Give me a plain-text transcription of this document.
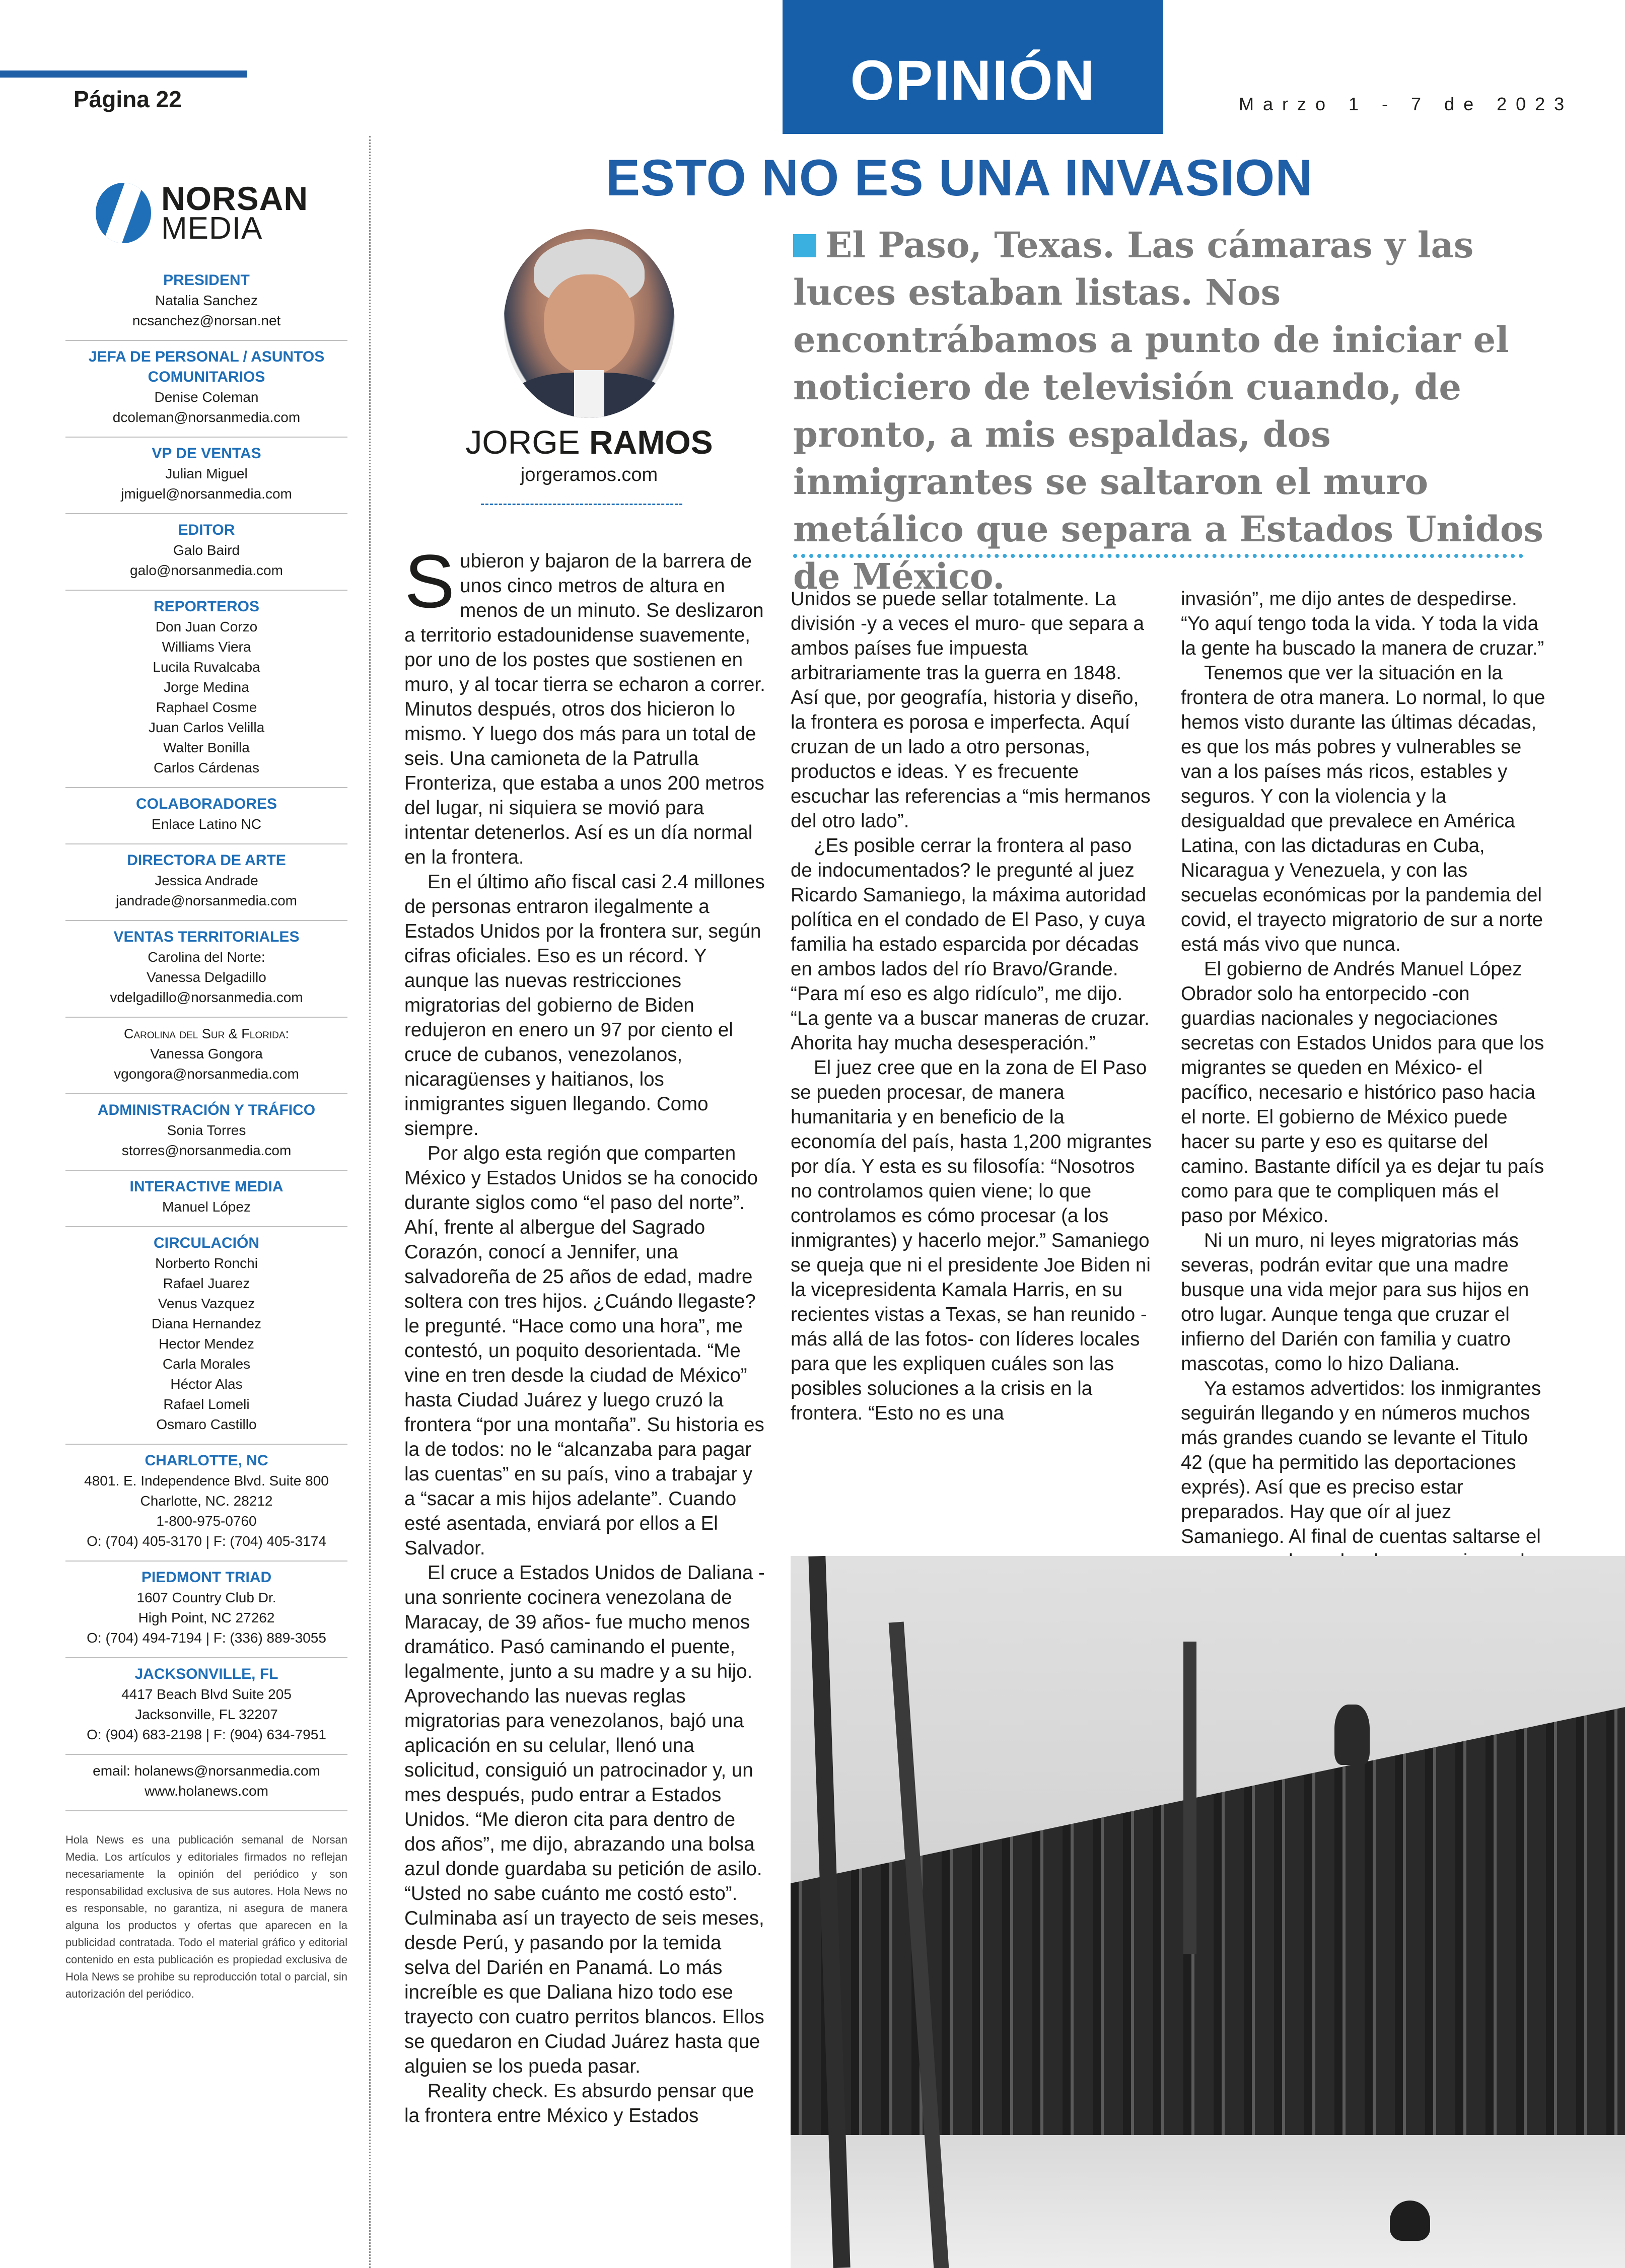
Página 22	OPINIÓN	Marzo 1 - 7 de 2023
NORSAN
MEDIA
PRESIDENT
Natalia Sanchez
ncsanchez@norsan.net
JEFA DE PERSONAL / ASUNTOS COMUNITARIOS
Denise Coleman
dcoleman@norsanmedia.com
VP DE VENTAS
Julian Miguel
jmiguel@norsanmedia.com
EDITOR
Galo Baird
galo@norsanmedia.com
REPORTEROS
Don Juan Corzo
Williams Viera
Lucila Ruvalcaba
Jorge Medina
Raphael Cosme
Juan Carlos Velilla
Walter Bonilla
Carlos Cárdenas
COLABORADORES
Enlace Latino NC
DIRECTORA DE ARTE
Jessica Andrade
jandrade@norsanmedia.com
VENTAS TERRITORIALES
Carolina del Norte:
Vanessa Delgadillo
vdelgadillo@norsanmedia.com
Carolina del Sur & Florida:
Vanessa Gongora
vgongora@norsanmedia.com
ADMINISTRACIÓN Y TRÁFICO
Sonia Torres
storres@norsanmedia.com
INTERACTIVE MEDIA
Manuel López
CIRCULACIÓN
Norberto Ronchi
Rafael Juarez
Venus Vazquez
Diana Hernandez
Hector Mendez
Carla Morales
Héctor Alas
Rafael Lomeli
Osmaro Castillo
CHARLOTTE, NC
4801. E. Independence Blvd. Suite 800
Charlotte, NC. 28212
1-800-975-0760
O: (704) 405-3170 | F: (704) 405-3174
PIEDMONT TRIAD
1607 Country Club Dr.
High Point, NC 27262
O: (704) 494-7194 | F: (336) 889-3055
JACKSONVILLE, FL
4417 Beach Blvd Suite 205
Jacksonville, FL 32207
O: (904) 683-2198 | F: (904) 634-7951
email: holanews@norsanmedia.com
www.holanews.com
Hola News es una publicación semanal de Norsan Media. Los artículos y editoriales firmados no reflejan necesariamente la opinión del periódico y son responsabilidad exclusiva de sus autores. Hola News no es responsable, no garantiza, ni asegura de manera alguna los productos y ofertas que aparecen en la publicidad contratada. Todo el material gráfico y editorial contenido en esta publicación es propiedad exclusiva de Hola News se prohibe su reproducción total o parcial, sin autorización del periódico.
ESTO NO ES UNA INVASION
JORGE RAMOS
jorgeramos.com
El Paso, Texas. Las cámaras y las luces estaban listas. Nos encontrábamos a punto de iniciar el noticiero de televisión cuando, de pronto, a mis espaldas, dos inmigrantes se saltaron el muro metálico que separa a Estados Unidos de México.

Subieron y bajaron de la barrera de unos cinco metros de altura en menos de un minuto. Se deslizaron a territorio estadounidense suavemente, por uno de los postes que sostienen en muro, y al tocar tierra se echaron a correr. Minutos después, otros dos hicieron lo mismo. Y luego dos más para un total de seis. Una camioneta de la Patrulla Fronteriza, que estaba a unos 200 metros del lugar, ni siquiera se movió para intentar detenerlos. Así es un día normal en la frontera.

En el último año fiscal casi 2.4 millones de personas entraron ilegalmente a Estados Unidos por la frontera sur, según cifras oficiales. Eso es un récord. Y aunque las nuevas restricciones migratorias del gobierno de Biden redujeron en enero un 97 por ciento el cruce de cubanos, venezolanos, nicaragüenses y haitianos, los inmigrantes siguen llegando. Como siempre.

Por algo esta región que comparten México y Estados Unidos se ha conocido durante siglos como “el paso del norte”. Ahí, frente al albergue del Sagrado Corazón, conocí a Jennifer, una salvadoreña de 25 años de edad, madre soltera con tres hijos. ¿Cuándo llegaste? le pregunté. “Hace como una hora”, me contestó, un poquito desorientada. “Me vine en tren desde la ciudad de México” hasta Ciudad Juárez y luego cruzó la frontera “por una montaña”. Su historia es la de todos: no le “alcanzaba para pagar las cuentas” en su país, vino a trabajar y a “sacar a mis hijos adelante”. Cuando esté asentada, enviará por ellos a El Salvador.

El cruce a Estados Unidos de Daliana -una sonriente cocinera venezolana de Maracay, de 39 años- fue mucho menos dramático. Pasó caminando el puente, legalmente, junto a su madre y a su hijo. Aprovechando las nuevas reglas migratorias para venezolanos, bajó una aplicación en su celular, llenó una solicitud, consiguió un patrocinador y, un mes después, pudo entrar a Estados Unidos. “Me dieron cita para dentro de dos años”, me dijo, abrazando una bolsa azul donde guardaba su petición de asilo. “Usted no sabe cuánto me costó esto”. Culminaba así un trayecto de seis meses, desde Perú, y pasando por la temida selva del Darién en Panamá. Lo más increíble es que Daliana hizo todo ese trayecto con cuatro perritos blancos. Ellos se quedaron en Ciudad Juárez hasta que alguien se los pueda pasar.

Reality check. Es absurdo pensar que la frontera entre México y Estados

Unidos se puede sellar totalmente. La división -y a veces el muro- que separa a ambos países fue impuesta arbitrariamente tras la guerra en 1848. Así que, por geografía, historia y diseño, la frontera es porosa e imperfecta. Aquí cruzan de un lado a otro personas, productos e ideas. Y es frecuente escuchar las referencias a “mis hermanos del otro lado”.

¿Es posible cerrar la frontera al paso de indocumentados? le pregunté al juez Ricardo Samaniego, la máxima autoridad política en el condado de El Paso, y cuya familia ha estado esparcida por décadas en ambos lados del río Bravo/Grande. “Para mí eso es algo ridículo”, me dijo. “La gente va a buscar maneras de cruzar. Ahorita hay mucha desesperación.”

El juez cree que en la zona de El Paso se pueden procesar, de manera humanitaria y en beneficio de la economía del país, hasta 1,200 migrantes por día. Y esta es su filosofía: “Nosotros no controlamos quien viene; lo que controlamos es cómo procesar (a los inmigrantes) y hacerlo mejor.” Samaniego se queja que ni el presidente Joe Biden ni la vicepresidenta Kamala Harris, en su recientes vistas a Texas, se han reunido -más allá de las fotos- con líderes locales para que les expliquen cuáles son las posibles soluciones a la crisis en la frontera. “Esto no es una

invasión”, me dijo antes de despedirse. “Yo aquí tengo toda la vida. Y toda la vida la gente ha buscado la manera de cruzar.”

Tenemos que ver la situación en la frontera de otra manera. Lo normal, lo que hemos visto durante las últimas décadas, es que los más pobres y vulnerables se van a los países más ricos, estables y seguros. Y con la violencia y la desigualdad que prevalece en América Latina, con las dictaduras en Cuba, Nicaragua y Venezuela, y con las secuelas económicas por la pandemia del covid, el trayecto migratorio de sur a norte está más vivo que nunca.

El gobierno de Andrés Manuel López Obrador solo ha entorpecido -con guardias nacionales y negociaciones secretas con Estados Unidos para que los migrantes se queden en México- el pacífico, necesario e histórico paso hacia el norte. El gobierno de México puede hacer su parte y eso es quitarse del camino. Bastante difícil ya es dejar tu país como para que te compliquen más el paso por México.

Ni un muro, ni leyes migratorias más severas, podrán evitar que una madre busque una vida mejor para sus hijos en otro lugar. Aunque tenga que cruzar el infierno del Darién con familia y cuatro mascotas, como lo hizo Daliana.

Ya estamos advertidos: los inmigrantes seguirán llegando y en números muchos más grandes cuando se levante el Titulo 42 (que ha permitido las deportaciones exprés). Así que es preciso estar preparados. Hay que oír al juez Samaniego. Al final de cuentas saltarse el
